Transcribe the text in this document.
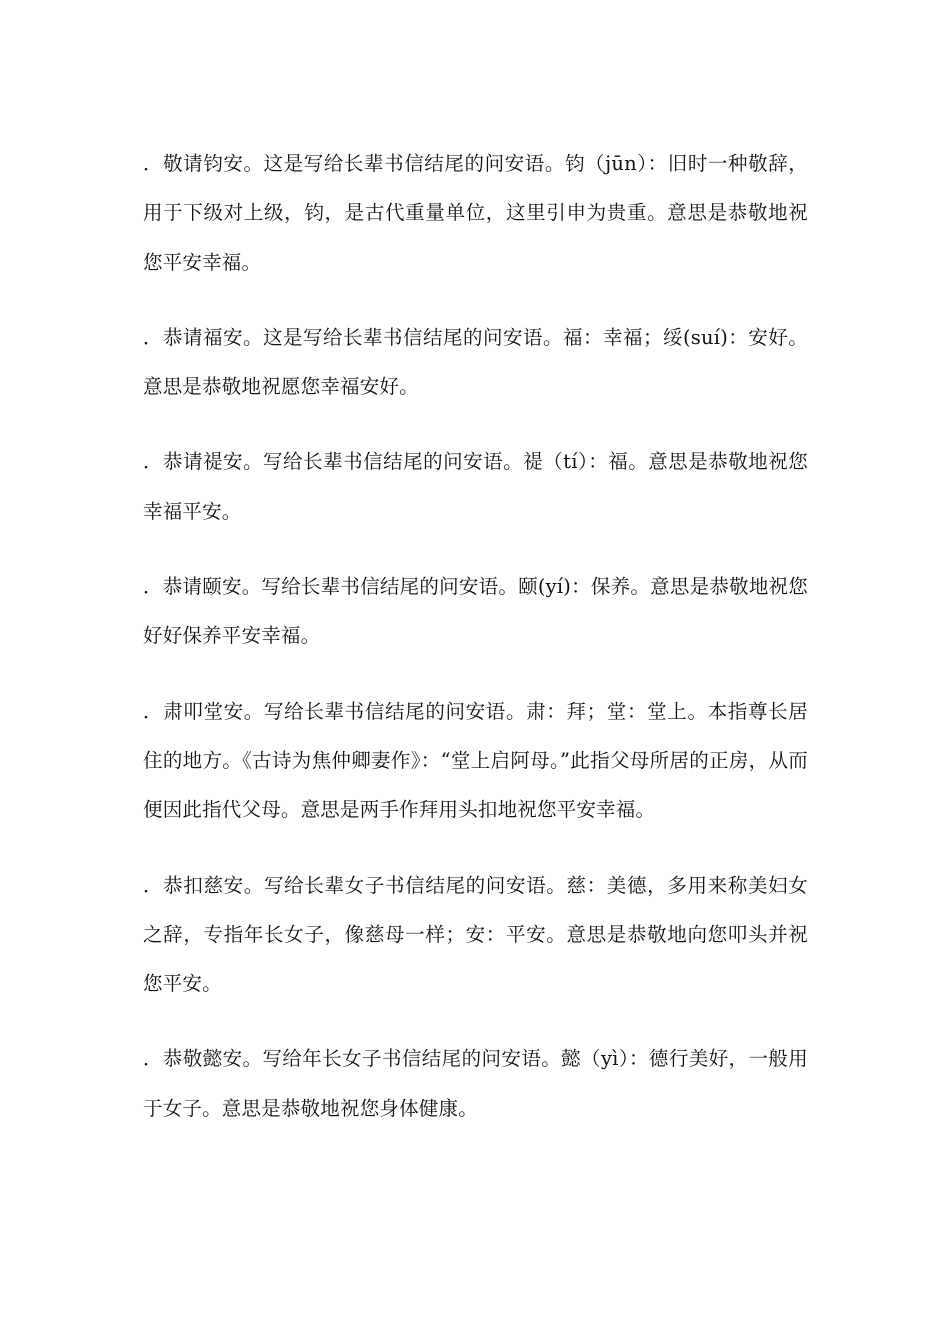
．敬请钧安。这是写给长辈书信结尾的问安语。钧（jūn）：旧时一种敬辞，用于下级对上级，钧，是古代重量单位，这里引申为贵重。意思是恭敬地祝您平安幸福。

．恭请福安。这是写给长辈书信结尾的问安语。福：幸福；绥(suí)：安好。意思是恭敬地祝愿您幸福安好。

．恭请禔安。写给长辈书信结尾的问安语。禔（tí）：福。意思是恭敬地祝您幸福平安。

．恭请颐安。写给长辈书信结尾的问安语。颐(yí)：保养。意思是恭敬地祝您好好保养平安幸福。

．肃叩堂安。写给长辈书信结尾的问安语。肃：拜；堂：堂上。本指尊长居住的地方。《古诗为焦仲卿妻作》：“堂上启阿母。”此指父母所居的正房，从而便因此指代父母。意思是两手作拜用头扣地祝您平安幸福。

．恭扣慈安。写给长辈女子书信结尾的问安语。慈：美德，多用来称美妇女之辞，专指年长女子，像慈母一样；安：平安。意思是恭敬地向您叩头并祝您平安。

．恭敬懿安。写给年长女子书信结尾的问安语。懿（yì）：德行美好，一般用于女子。意思是恭敬地祝您身体健康。
